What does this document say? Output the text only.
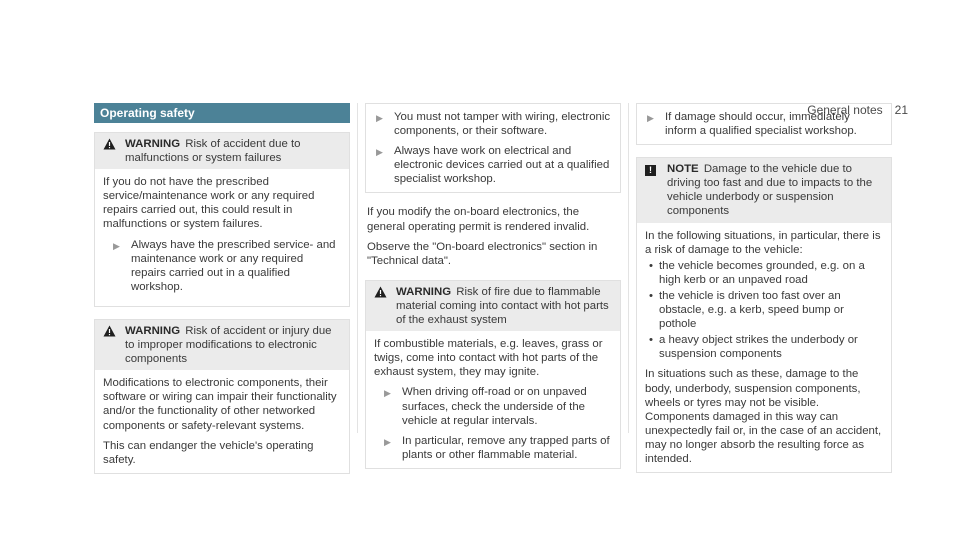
General notes 21
Operating safety
WARNING Risk of accident due to malfunctions or system failures

If you do not have the prescribed service/maintenance work or any required repairs carried out, this could result in malfunctions or system failures.

▶ Always have the prescribed service- and maintenance work or any required repairs carried out in a qualified workshop.
WARNING Risk of accident or injury due to improper modifications to electronic components

Modifications to electronic components, their software or wiring can impair their functionality and/or the functionality of other networked components or safety-relevant systems.

This can endanger the vehicle's operating safety.

▶ You must not tamper with wiring, electronic components, or their software.
▶ Always have work on electrical and electronic devices carried out at a qualified specialist workshop.

If you modify the on-board electronics, the general operating permit is rendered invalid.

Observe the "On-board electronics" section in "Technical data".

WARNING Risk of fire due to flammable material coming into contact with hot parts of the exhaust system

If combustible materials, e.g. leaves, grass or twigs, come into contact with hot parts of the exhaust system, they may ignite.

▶ When driving off-road or on unpaved surfaces, check the underside of the vehicle at regular intervals.
▶ In particular, remove any trapped parts of plants or other flammable material.
▶ If damage should occur, immediately inform a qualified specialist workshop.
!	NOTE Damage to the vehicle due to driving too fast and due to impacts to the vehicle underbody or suspension components

In the following situations, in particular, there is a risk of damage to the vehicle:

• the vehicle becomes grounded, e.g. on a high kerb or an unpaved road
• the vehicle is driven too fast over an obstacle, e.g. a kerb, speed bump or pothole
• a heavy object strikes the underbody or suspension components

In situations such as these, damage to the body, underbody, suspension components, wheels or tyres may not be visible. Components damaged in this way can unexpectedly fail or, in the case of an accident, may no longer absorb the resulting force as intended.
